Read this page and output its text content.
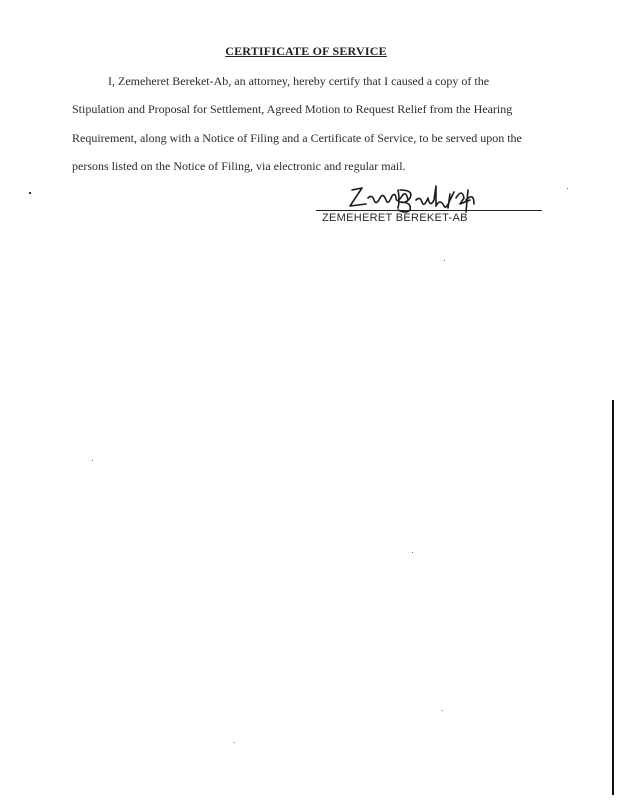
CERTIFICATE OF SERVICE
I, Zemeheret Bereket-Ab, an attorney, hereby certify that I caused a copy of the
Stipulation and Proposal for Settlement, Agreed Motion to Request Relief from the Hearing
Requirement, along with a Notice of Filing and a Certificate of Service, to be served upon the
persons listed on the Notice of Filing, via electronic and regular mail.
ZEMEHERET BEREKET-AB
